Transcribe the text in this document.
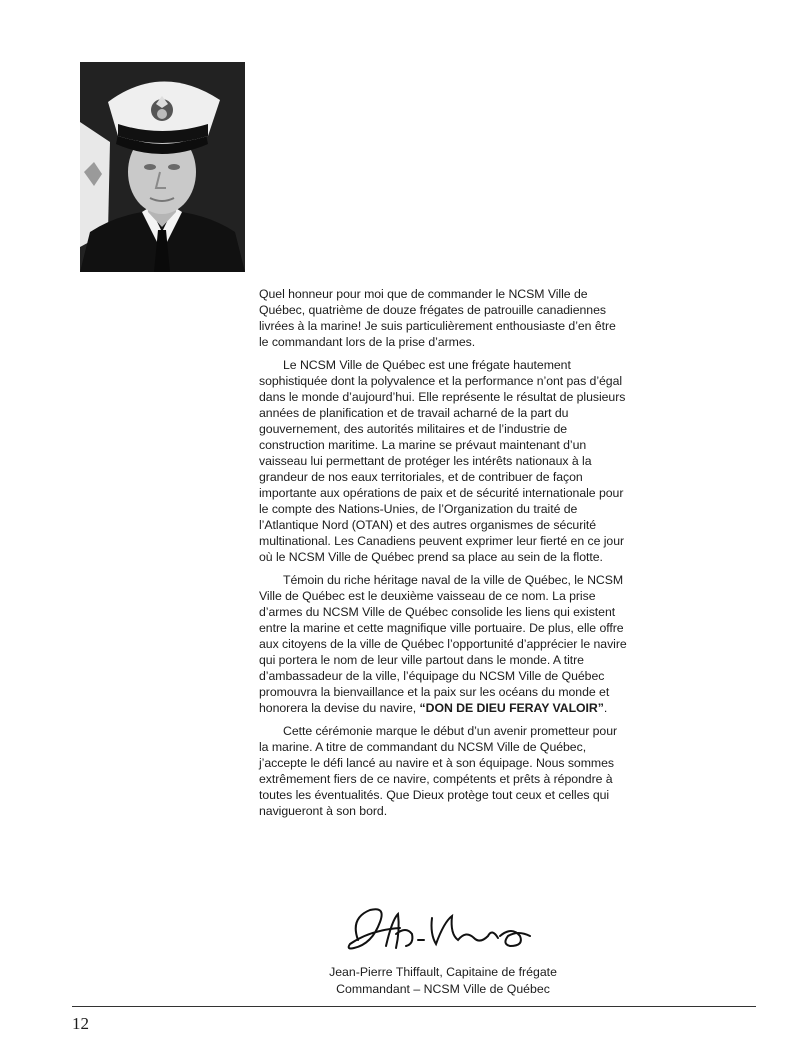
Quel honneur pour moi que de commander le NCSM Ville de Québec, quatrième de douze frégates de patrouille canadiennes livrées à la marine! Je suis particulièrement enthousiaste d’en être le commandant lors de la prise d’armes.

Le NCSM Ville de Québec est une frégate hautement sophistiquée dont la polyvalence et la performance n’ont pas d’égal dans le monde d’aujourd’hui. Elle représente le résultat de plusieurs années de planification et de travail acharné de la part du gouvernement, des autorités militaires et de l’industrie de construction maritime. La marine se prévaut maintenant d’un vaisseau lui permettant de protéger les intérêts nationaux à la grandeur de nos eaux territoriales, et de contribuer de façon importante aux opérations de paix et de sécurité internationale pour le compte des Nations-Unies, de l’Organization du traité de l’Atlantique Nord (OTAN) et des autres organismes de sécurité multinational. Les Canadiens peuvent exprimer leur fierté en ce jour où le NCSM Ville de Québec prend sa place au sein de la flotte.

Témoin du riche héritage naval de la ville de Québec, le NCSM Ville de Québec est le deuxième vaisseau de ce nom. La prise d’armes du NCSM Ville de Québec consolide les liens qui existent entre la marine et cette magnifique ville portuaire. De plus, elle offre aux citoyens de la ville de Québec l’opportunité d’apprécier le navire qui portera le nom de leur ville partout dans le monde. A titre d’ambassadeur de la ville, l’équipage du NCSM Ville de Québec promouvra la bienvaillance et la paix sur les océans du monde et honorera la devise du navire, “DON DE DIEU FERAY VALOIR”.

Cette cérémonie marque le début d’un avenir prometteur pour la marine. A titre de commandant du NCSM Ville de Québec, j’accepte le défi lancé au navire et à son équipage. Nous sommes extrêmement fiers de ce navire, compétents et prêts à répondre à toutes les éventualités. Que Dieux protège tout ceux et celles qui navigueront à son bord.

Jean-Pierre Thiffault, Capitaine de frégate
Commandant – NCSM Ville de Québec
12
